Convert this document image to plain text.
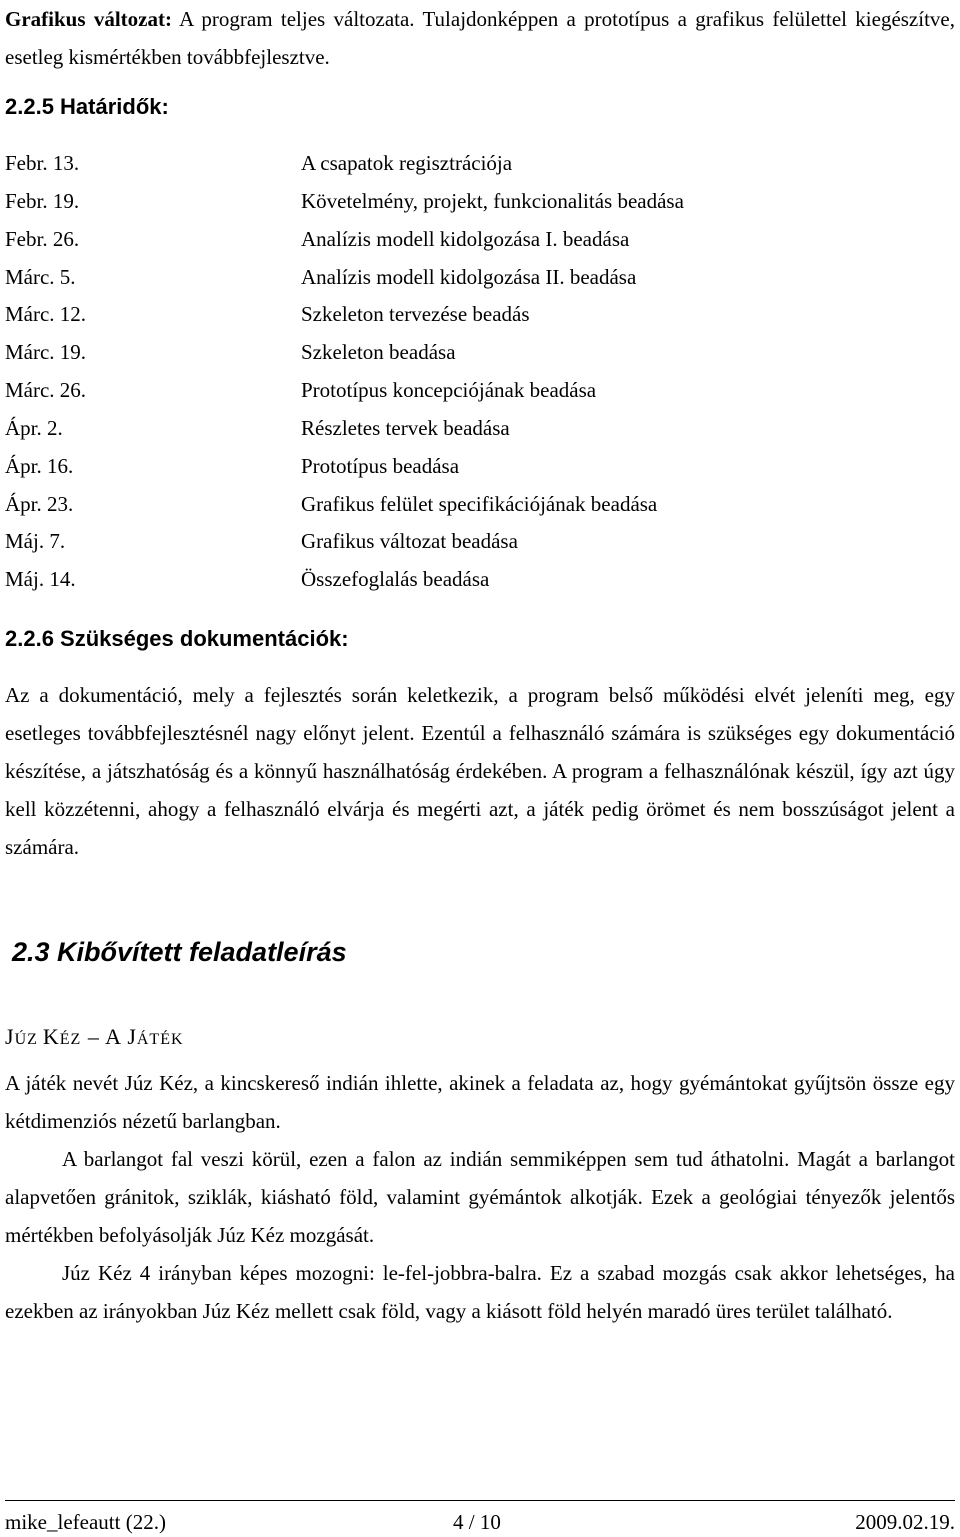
Grafikus változat: A program teljes változata. Tulajdonképpen a prototípus a grafikus felülettel kiegészítve, esetleg kismértékben továbbfejlesztve.

2.2.5 Határidők:
Febr. 13.	A csapatok regisztrációja
Febr. 19.	Követelmény, projekt, funkcionalitás beadása
Febr. 26.	Analízis modell kidolgozása I. beadása
Márc. 5.	Analízis modell kidolgozása II. beadása
Márc. 12.	Szkeleton tervezése beadás
Márc. 19.	Szkeleton beadása
Márc. 26.	Prototípus koncepciójának beadása
Ápr. 2.	Részletes tervek beadása
Ápr. 16.	Prototípus beadása
Ápr. 23.	Grafikus felület specifikációjának beadása
Máj. 7.	Grafikus változat beadása
Máj. 14.	Összefoglalás beadása
2.2.6 Szükséges dokumentációk:

Az a dokumentáció, mely a fejlesztés során keletkezik, a program belső működési elvét jeleníti meg, egy esetleges továbbfejlesztésnél nagy előnyt jelent. Ezentúl a felhasználó számára is szükséges egy dokumentáció készítése, a játszhatóság és a könnyű használhatóság érdekében. A program a felhasználónak készül, így azt úgy kell közzétenni, ahogy a felhasználó elvárja és megérti azt, a játék pedig örömet és nem bosszúságot jelent a számára.

2.3 Kibővített feladatleírás
JÚZ KÉZ – A JÁTÉK

A játék nevét Júz Kéz, a kincskereső indián ihlette, akinek a feladata az, hogy gyémántokat gyűjtsön össze egy kétdimenziós nézetű barlangban.

A barlangot fal veszi körül, ezen a falon az indián semmiképpen sem tud áthatolni. Magát a barlangot alapvetően gránitok, sziklák, kiásható föld, valamint gyémántok alkotják. Ezek a geológiai tényezők jelentős mértékben befolyásolják Júz Kéz mozgását.

Júz Kéz 4 irányban képes mozogni: le-fel-jobbra-balra. Ez a szabad mozgás csak akkor lehetséges, ha ezekben az irányokban Júz Kéz mellett csak föld, vagy a kiásott föld helyén maradó üres terület található.

mike_lefeautt (22.)	4 / 10	2009.02.19.
